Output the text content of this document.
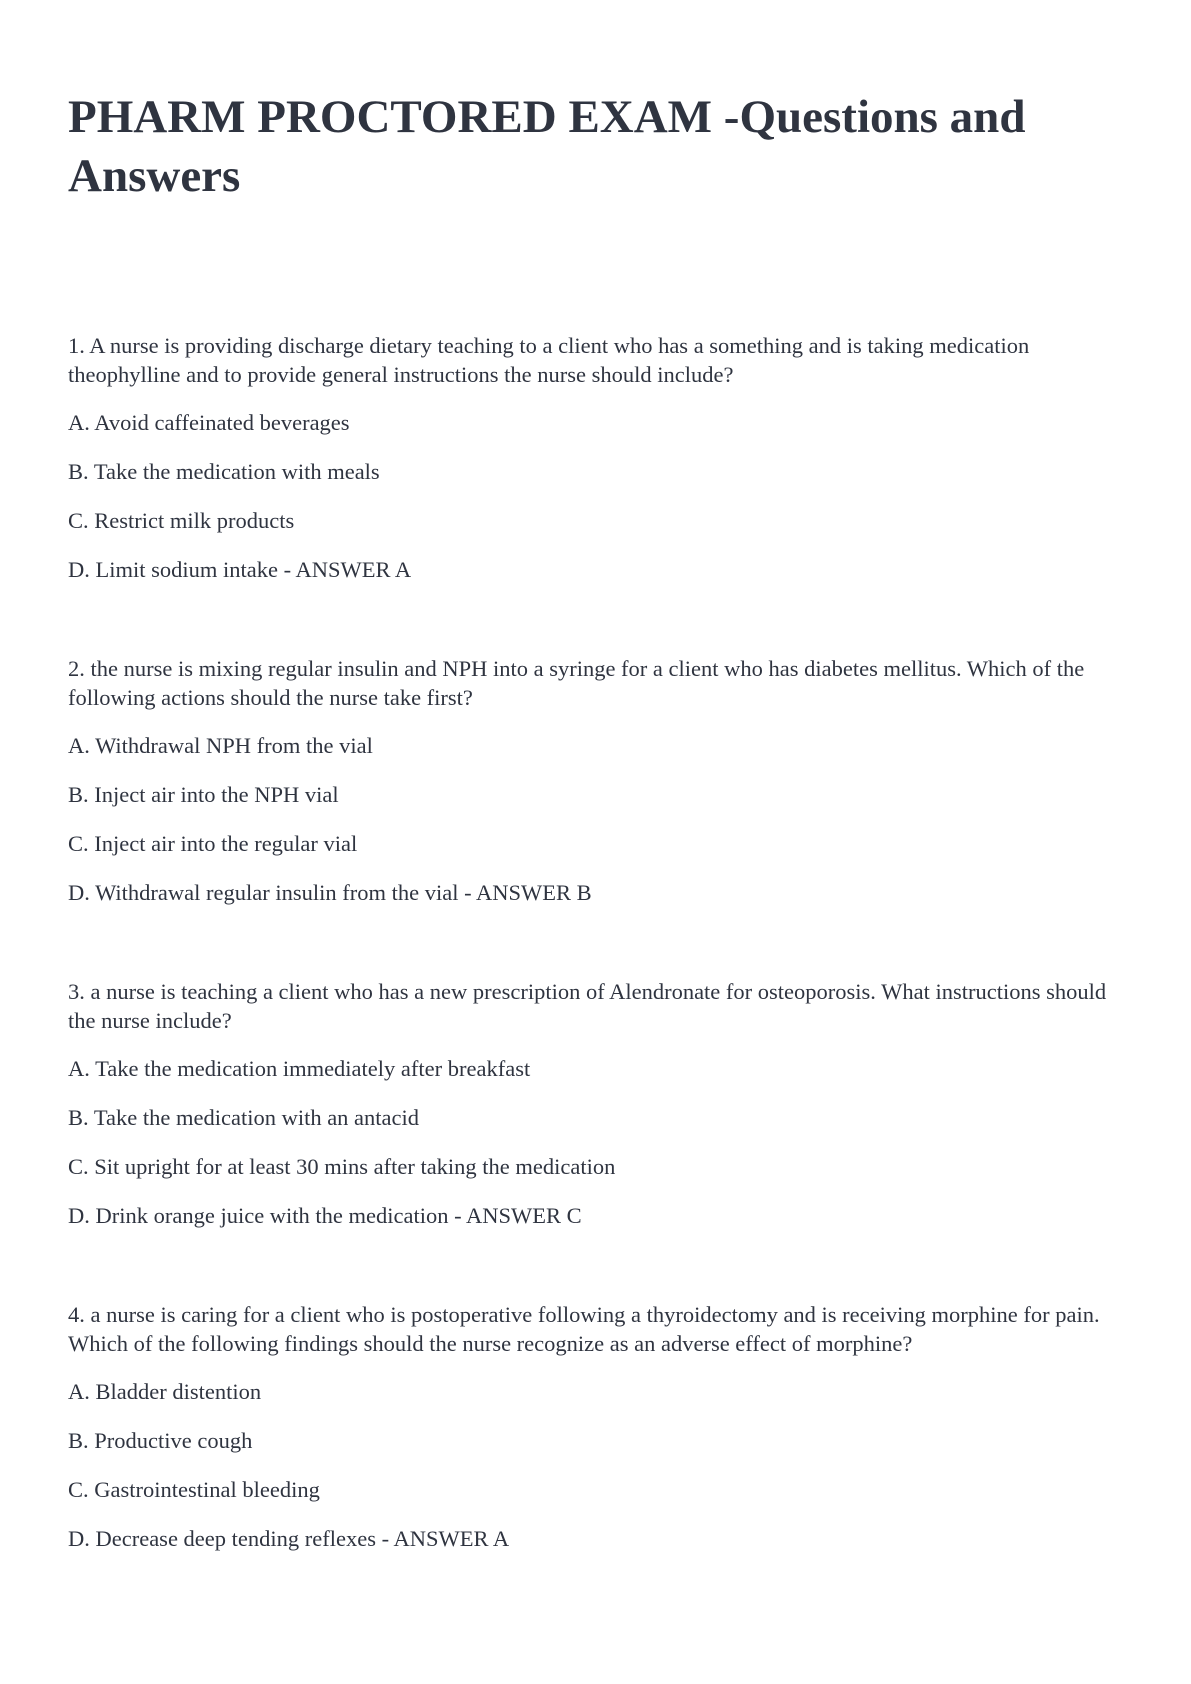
PHARM PROCTORED EXAM -Questions and Answers

1. A nurse is providing discharge dietary teaching to a client who has a something and is taking medication theophylline and to provide general instructions the nurse should include?

A. Avoid caffeinated beverages

B. Take the medication with meals

C. Restrict milk products

D. Limit sodium intake - ANSWER A

2. the nurse is mixing regular insulin and NPH into a syringe for a client who has diabetes mellitus. Which of the following actions should the nurse take first?

A. Withdrawal NPH from the vial

B. Inject air into the NPH vial

C. Inject air into the regular vial

D. Withdrawal regular insulin from the vial - ANSWER B

3. a nurse is teaching a client who has a new prescription of Alendronate for osteoporosis. What instructions should the nurse include?

A. Take the medication immediately after breakfast

B. Take the medication with an antacid

C. Sit upright for at least 30 mins after taking the medication

D. Drink orange juice with the medication - ANSWER C

4. a nurse is caring for a client who is postoperative following a thyroidectomy and is receiving morphine for pain. Which of the following findings should the nurse recognize as an adverse effect of morphine?

A. Bladder distention

B. Productive cough

C. Gastrointestinal bleeding

D. Decrease deep tending reflexes - ANSWER A
